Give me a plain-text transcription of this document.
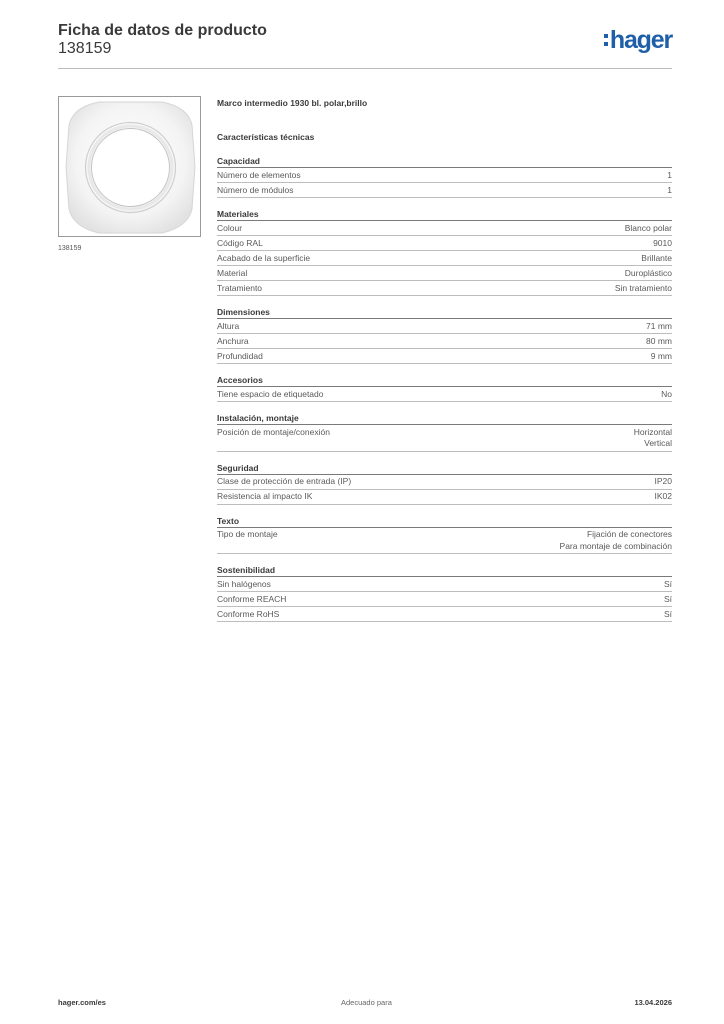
Ficha de datos de producto
138159	hager
138159
Marco intermedio 1930 bl. polar,brillo
Características técnicas
Capacidad
Número de elementos	1
Número de módulos	1
Materiales
Colour	Blanco polar
Código RAL	9010
Acabado de la superficie	Brillante
Material	Duroplástico
Tratamiento	Sin tratamiento
Dimensiones
Altura	71 mm
Anchura	80 mm
Profundidad	9 mm
Accesorios
Tiene espacio de etiquetado	No
Instalación, montaje
Posición de montaje/conexión	Horizontal
Vertical
Seguridad
Clase de protección de entrada (IP)	IP20
Resistencia al impacto IK	IK02
Texto
Tipo de montaje	Fijación de conectores
Para montaje de combinación
Sostenibilidad
Sin halógenos	Sí
Conforme REACH	Sí
Conforme RoHS	Sí
hager.com/es	Adecuado para	13.04.2026
